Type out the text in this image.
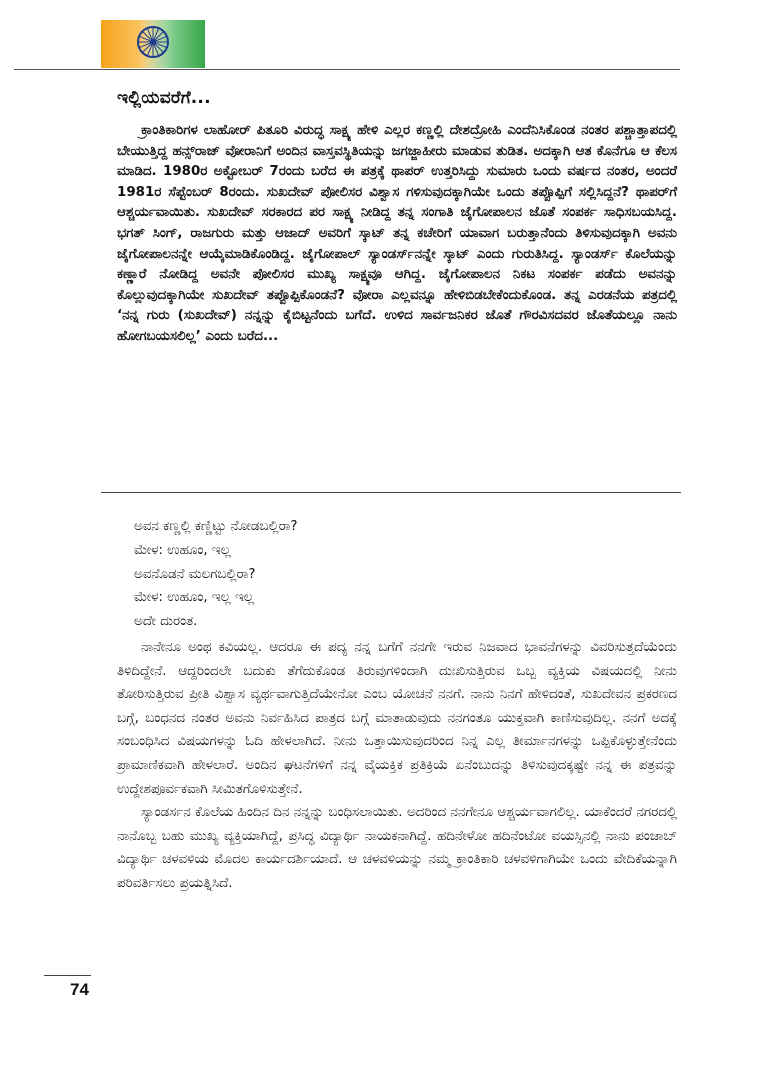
ಇಲ್ಲಿಯವರೆಗೆ...

ಕ್ರಾಂತಿಕಾರಿಗಳ ಲಾಹೋರ್ ಪಿತೂರಿ ವಿರುದ್ಧ ಸಾಕ್ಷ್ಯ ಹೇಳಿ ಎಲ್ಲರ ಕಣ್ಣಲ್ಲಿ ದೇಶದ್ರೋಹಿ ಎಂದೆನಿಸಿಕೊಂಡ ನಂತರ ಪಶ್ಚಾತ್ತಾಪದಲ್ಲಿ ಬೇಯುತ್ತಿದ್ದ ಹನ್ಸ್‌ರಾಜ್ ವೋರಾನಿಗೆ ಅಂದಿನ ವಾಸ್ತವಸ್ಥಿತಿಯನ್ನು ಜಗಜ್ಜಾಹೀರು ಮಾಡುವ ತುಡಿತ. ಅದಕ್ಕಾಗಿ ಆತ ಕೊನೆಗೂ ಆ ಕೆಲಸ ಮಾಡಿದ. 1980ರ ಅಕ್ಟೋಬರ್ 7ರಂದು ಬರೆದ ಈ ಪತ್ರಕ್ಕೆ ಥಾಪರ್ ಉತ್ತರಿಸಿದ್ದು ಸುಮಾರು ಒಂದು ವರ್ಷದ ನಂತರ, ಅಂದರೆ 1981ರ ಸೆಪ್ಟೆಂಬರ್ 8ರಂದು. ಸುಖದೇವ್ ಪೋಲಿಸರ ವಿಶ್ವಾಸ ಗಳಿಸುವುದಕ್ಕಾಗಿಯೇ ಒಂದು ತಪ್ಪೊಪ್ಪಿಗೆ ಸಲ್ಲಿಸಿದ್ದನೆ? ಥಾಪರ್‌ಗೆ ಆಶ್ಚರ್ಯವಾಯಿತು. ಸುಖದೇವ್ ಸರಕಾರದ ಪರ ಸಾಕ್ಷ್ಯ ನೀಡಿದ್ದ ತನ್ನ ಸಂಗಾತಿ ಜೈಗೋಪಾಲನ ಜೊತೆ ಸಂಪರ್ಕ ಸಾಧಿಸಬಯಸಿದ್ದ. ಭಗತ್ ಸಿಂಗ್, ರಾಜಗುರು ಮತ್ತು ಆಜಾದ್ ಅವರಿಗೆ ಸ್ಕಾಟ್ ತನ್ನ ಕಚೇರಿಗೆ ಯಾವಾಗ ಬರುತ್ತಾನೆಂದು ತಿಳಿಸುವುದಕ್ಕಾಗಿ ಅವನು ಜೈಗೋಪಾಲನನ್ನೇ ಆಯ್ಕೆಮಾಡಿಕೊಂಡಿದ್ದ. ಜೈಗೋಪಾಲ್ ಸ್ಯಾಂಡರ್ಸ್‌ನನ್ನೇ ಸ್ಕಾಟ್ ಎಂದು ಗುರುತಿಸಿದ್ದ. ಸ್ಯಾಂಡರ್ಸ್ ಕೊಲೆಯನ್ನು ಕಣ್ಣಾರೆ ನೋಡಿದ್ದ ಅವನೇ ಪೋಲಿಸರ ಮುಖ್ಯ ಸಾಕ್ಷ್ಯವೂ ಆಗಿದ್ದ. ಜೈಗೋಪಾಲನ ನಿಕಟ ಸಂಪರ್ಕ ಪಡೆದು ಅವನನ್ನು ಕೊಲ್ಲುವುದಕ್ಕಾಗಿಯೇ ಸುಖದೇವ್ ತಪ್ಪೊಪ್ಪಿಕೊಂಡನೆ? ವೋರಾ ಎಲ್ಲವನ್ನೂ ಹೇಳಿಬಿಡಬೇಕೆಂದುಕೊಂಡ. ತನ್ನ ಎರಡನೆಯ ಪತ್ರದಲ್ಲಿ ‘ನನ್ನ ಗುರು (ಸುಖದೇವ್) ನನ್ನನ್ನು ಕೈಬಿಟ್ಟನೆಂದು ಬಗೆದೆ. ಉಳಿದ ಸಾರ್ವಜನಿಕರ ಜೊತೆ ಗೌರವಿಸದವರ ಜೊತೆಯಲ್ಲೂ ನಾನು ಹೋಗಬಯಸಲಿಲ್ಲ’ ಎಂದು ಬರೆದ...

ಅವನ ಕಣ್ಣಲ್ಲಿ ಕಣ್ಣಿಟ್ಟು ನೋಡಬಲ್ಲಿರಾ?
ಮೇಳ: ಉಹೂಂ, ಇಲ್ಲ
ಅವನೊಡನೆ ಮಲಗಬಲ್ಲಿರಾ?
ಮೇಳ: ಉಹೂಂ, ಇಲ್ಲ ಇಲ್ಲ
ಅದೇ ದುರಂತ.

ನಾನೇನೂ ಅಂಥ ಕವಿಯಲ್ಲ. ಆದರೂ ಈ ಪದ್ಯ ನನ್ನ ಬಗೆಗೆ ನನಗೇ ಇರುವ ನಿಜವಾದ ಭಾವನೆಗಳನ್ನು ವಿವರಿಸುತ್ತದೆಯೆಂದು ತಿಳಿದಿದ್ದೇನೆ. ಆದ್ದರಿಂದಲೇ ಬದುಕು ತೆಗೆದುಕೊಂಡ ತಿರುವುಗಳಿಂದಾಗಿ ದುಃಖಿಸುತ್ತಿರುವ ಒಬ್ಬ ವ್ಯಕ್ತಿಯ ವಿಷಯದಲ್ಲಿ ನೀನು ತೋರಿಸುತ್ತಿರುವ ಪ್ರೀತಿ ವಿಶ್ವಾಸ ವ್ಯರ್ಥವಾಗುತ್ತಿದೆಯೇನೋ ಎಂಬ ಯೋಚನೆ ನನಗೆ. ನಾನು ನಿನಗೆ ಹೇಳಿದಂತೆ, ಸುಖದೇವನ ಪ್ರಕರಣದ ಬಗ್ಗೆ, ಬಂಧನದ ನಂತರ ಅವನು ನಿರ್ವಹಿಸಿದ ಪಾತ್ರದ ಬಗ್ಗೆ ಮಾತಾಡುವುದು ನನಗಂತೂ ಯುಕ್ತವಾಗಿ ಕಾಣಿಸುವುದಿಲ್ಲ. ನನಗೆ ಅದಕ್ಕೆ ಸಂಬಂಧಿಸಿದ ವಿಷಯಗಳನ್ನು ಓದಿ ಹೇಳಲಾಗಿದೆ. ನೀನು ಒತ್ತಾಯಿಸುವುದರಿಂದ ನಿನ್ನ ಎಲ್ಲ ತೀರ್ಮಾನಗಳನ್ನು ಒಪ್ಪಿಕೊಳ್ಳುತ್ತೇನೆಂದು ಪ್ರಾಮಾಣಿಕವಾಗಿ ಹೇಳಲಾರೆ. ಅಂದಿನ ಘಟನೆಗಳಿಗೆ ನನ್ನ ವೈಯಕ್ತಿಕ ಪ್ರತಿಕ್ರಿಯೆ ಏನೆಂಬುದನ್ನು ತಿಳಿಸುವುದಕ್ಕಷ್ಟೇ ನನ್ನ ಈ ಪತ್ರವನ್ನು ಉದ್ದೇಶಪೂರ್ವಕವಾಗಿ ಸೀಮಿತಗೊಳಿಸುತ್ತೇನೆ.

ಸ್ಯಾಂಡರ್ಸನ ಕೊಲೆಯ ಹಿಂದಿನ ದಿನ ನನ್ನನ್ನು ಬಂಧಿಸಲಾಯಿತು. ಅದರಿಂದ ನನಗೇನೂ ಆಶ್ಚರ್ಯವಾಗಲಿಲ್ಲ. ಯಾಕೆಂದರೆ ನಗರದಲ್ಲಿ ನಾನೊಬ್ಬ ಬಹು ಮುಖ್ಯ ವ್ಯಕ್ತಿಯಾಗಿದ್ದೆ, ಪ್ರಸಿದ್ಧ ವಿದ್ಯಾರ್ಥಿ ನಾಯಕನಾಗಿದ್ದೆ. ಹದಿನೇಳೋ ಹದಿನೆಂಟೋ ವಯಸ್ಸಿನಲ್ಲಿ ನಾನು ಪಂಜಾಬ್ ವಿದ್ಯಾರ್ಥಿ ಚಳವಳಿಯ ಮೊದಲ ಕಾರ್ಯದರ್ಶಿಯಾದೆ. ಆ ಚಳವಳಿಯನ್ನು ನಮ್ಮ ಕ್ರಾಂತಿಕಾರಿ ಚಳವಳಿಗಾಗಿಯೇ ಒಂದು ವೇದಿಕೆಯನ್ನಾಗಿ ಪರಿವರ್ತಿಸಲು ಪ್ರಯತ್ನಿಸಿದೆ.

74
